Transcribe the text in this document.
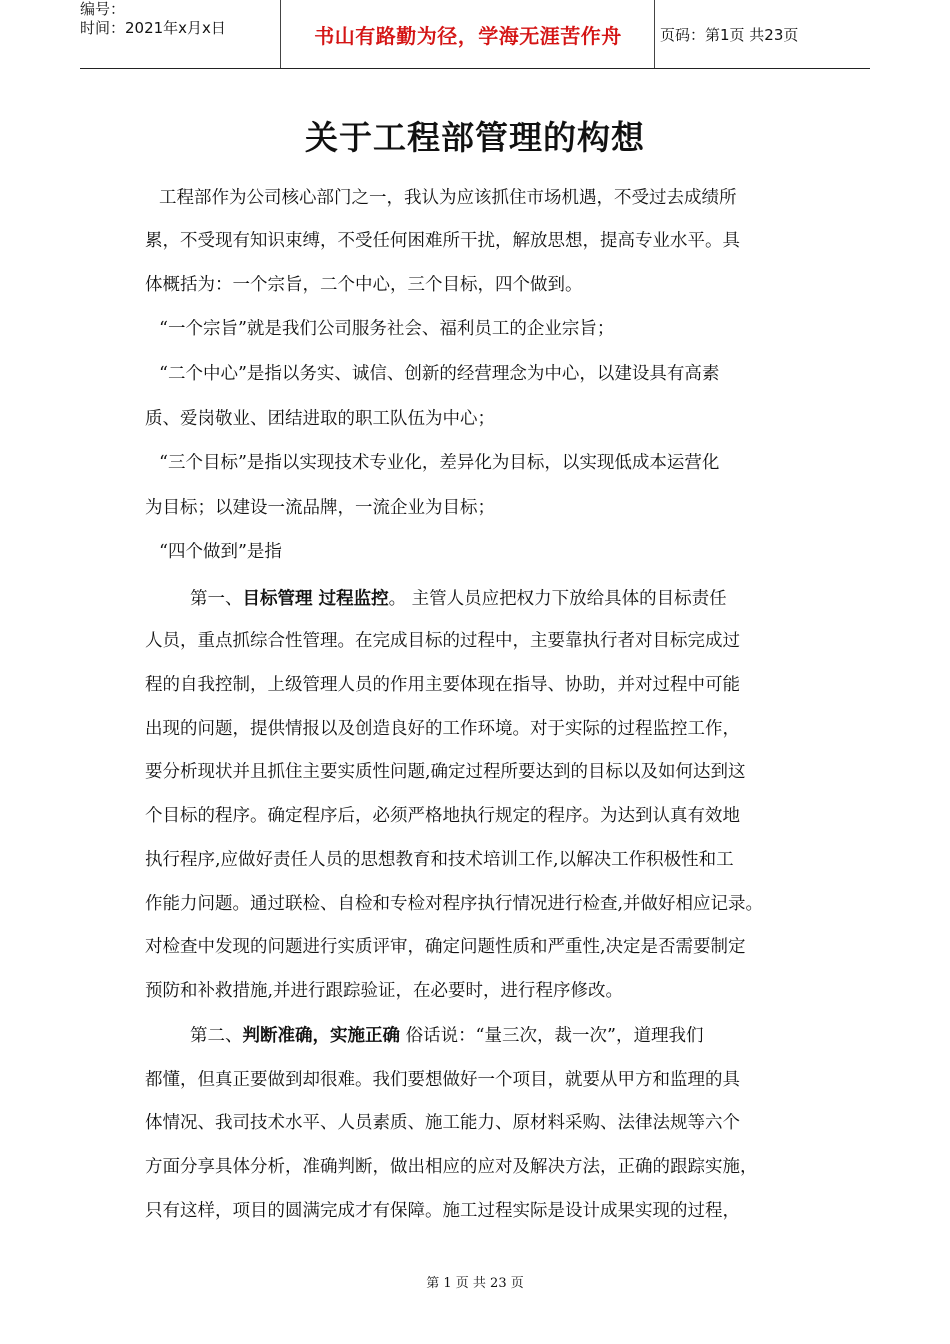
编号：
时间：2021年x月x日	书山有路勤为径，学海无涯苦作舟	页码：第1页 共23页
关于工程部管理的构想
工程部作为公司核心部门之一，我认为应该抓住市场机遇，不受过去成绩所
累，不受现有知识束缚，不受任何困难所干扰，解放思想，提高专业水平。具
体概括为：一个宗旨，二个中心，三个目标，四个做到。
“一个宗旨”就是我们公司服务社会、福利员工的企业宗旨；
“二个中心”是指以务实、诚信、创新的经营理念为中心，以建设具有高素
质、爱岗敬业、团结进取的职工队伍为中心；
“三个目标”是指以实现技术专业化，差异化为目标，以实现低成本运营化
为目标；以建设一流品牌，一流企业为目标；
“四个做到”是指
第一、目标管理 过程监控。 主管人员应把权力下放给具体的目标责任
人员，重点抓综合性管理。在完成目标的过程中，主要靠执行者对目标完成过
程的自我控制，上级管理人员的作用主要体现在指导、协助，并对过程中可能
出现的问题，提供情报以及创造良好的工作环境。对于实际的过程监控工作，
要分析现状并且抓住主要实质性问题,确定过程所要达到的目标以及如何达到这
个目标的程序。确定程序后，必须严格地执行规定的程序。为达到认真有效地
执行程序,应做好责任人员的思想教育和技术培训工作,以解决工作积极性和工
作能力问题。通过联检、自检和专检对程序执行情况进行检查,并做好相应记录。
对检查中发现的问题进行实质评审，确定问题性质和严重性,决定是否需要制定
预防和补救措施,并进行跟踪验证，在必要时，进行程序修改。
第二、判断准确，实施正确 俗话说：“量三次，裁一次”，道理我们
都懂，但真正要做到却很难。我们要想做好一个项目，就要从甲方和监理的具
体情况、我司技术水平、人员素质、施工能力、原材料采购、法律法规等六个
方面分享具体分析，准确判断，做出相应的应对及解决方法，正确的跟踪实施，
只有这样，项目的圆满完成才有保障。施工过程实际是设计成果实现的过程，
第 1 页 共 23 页
